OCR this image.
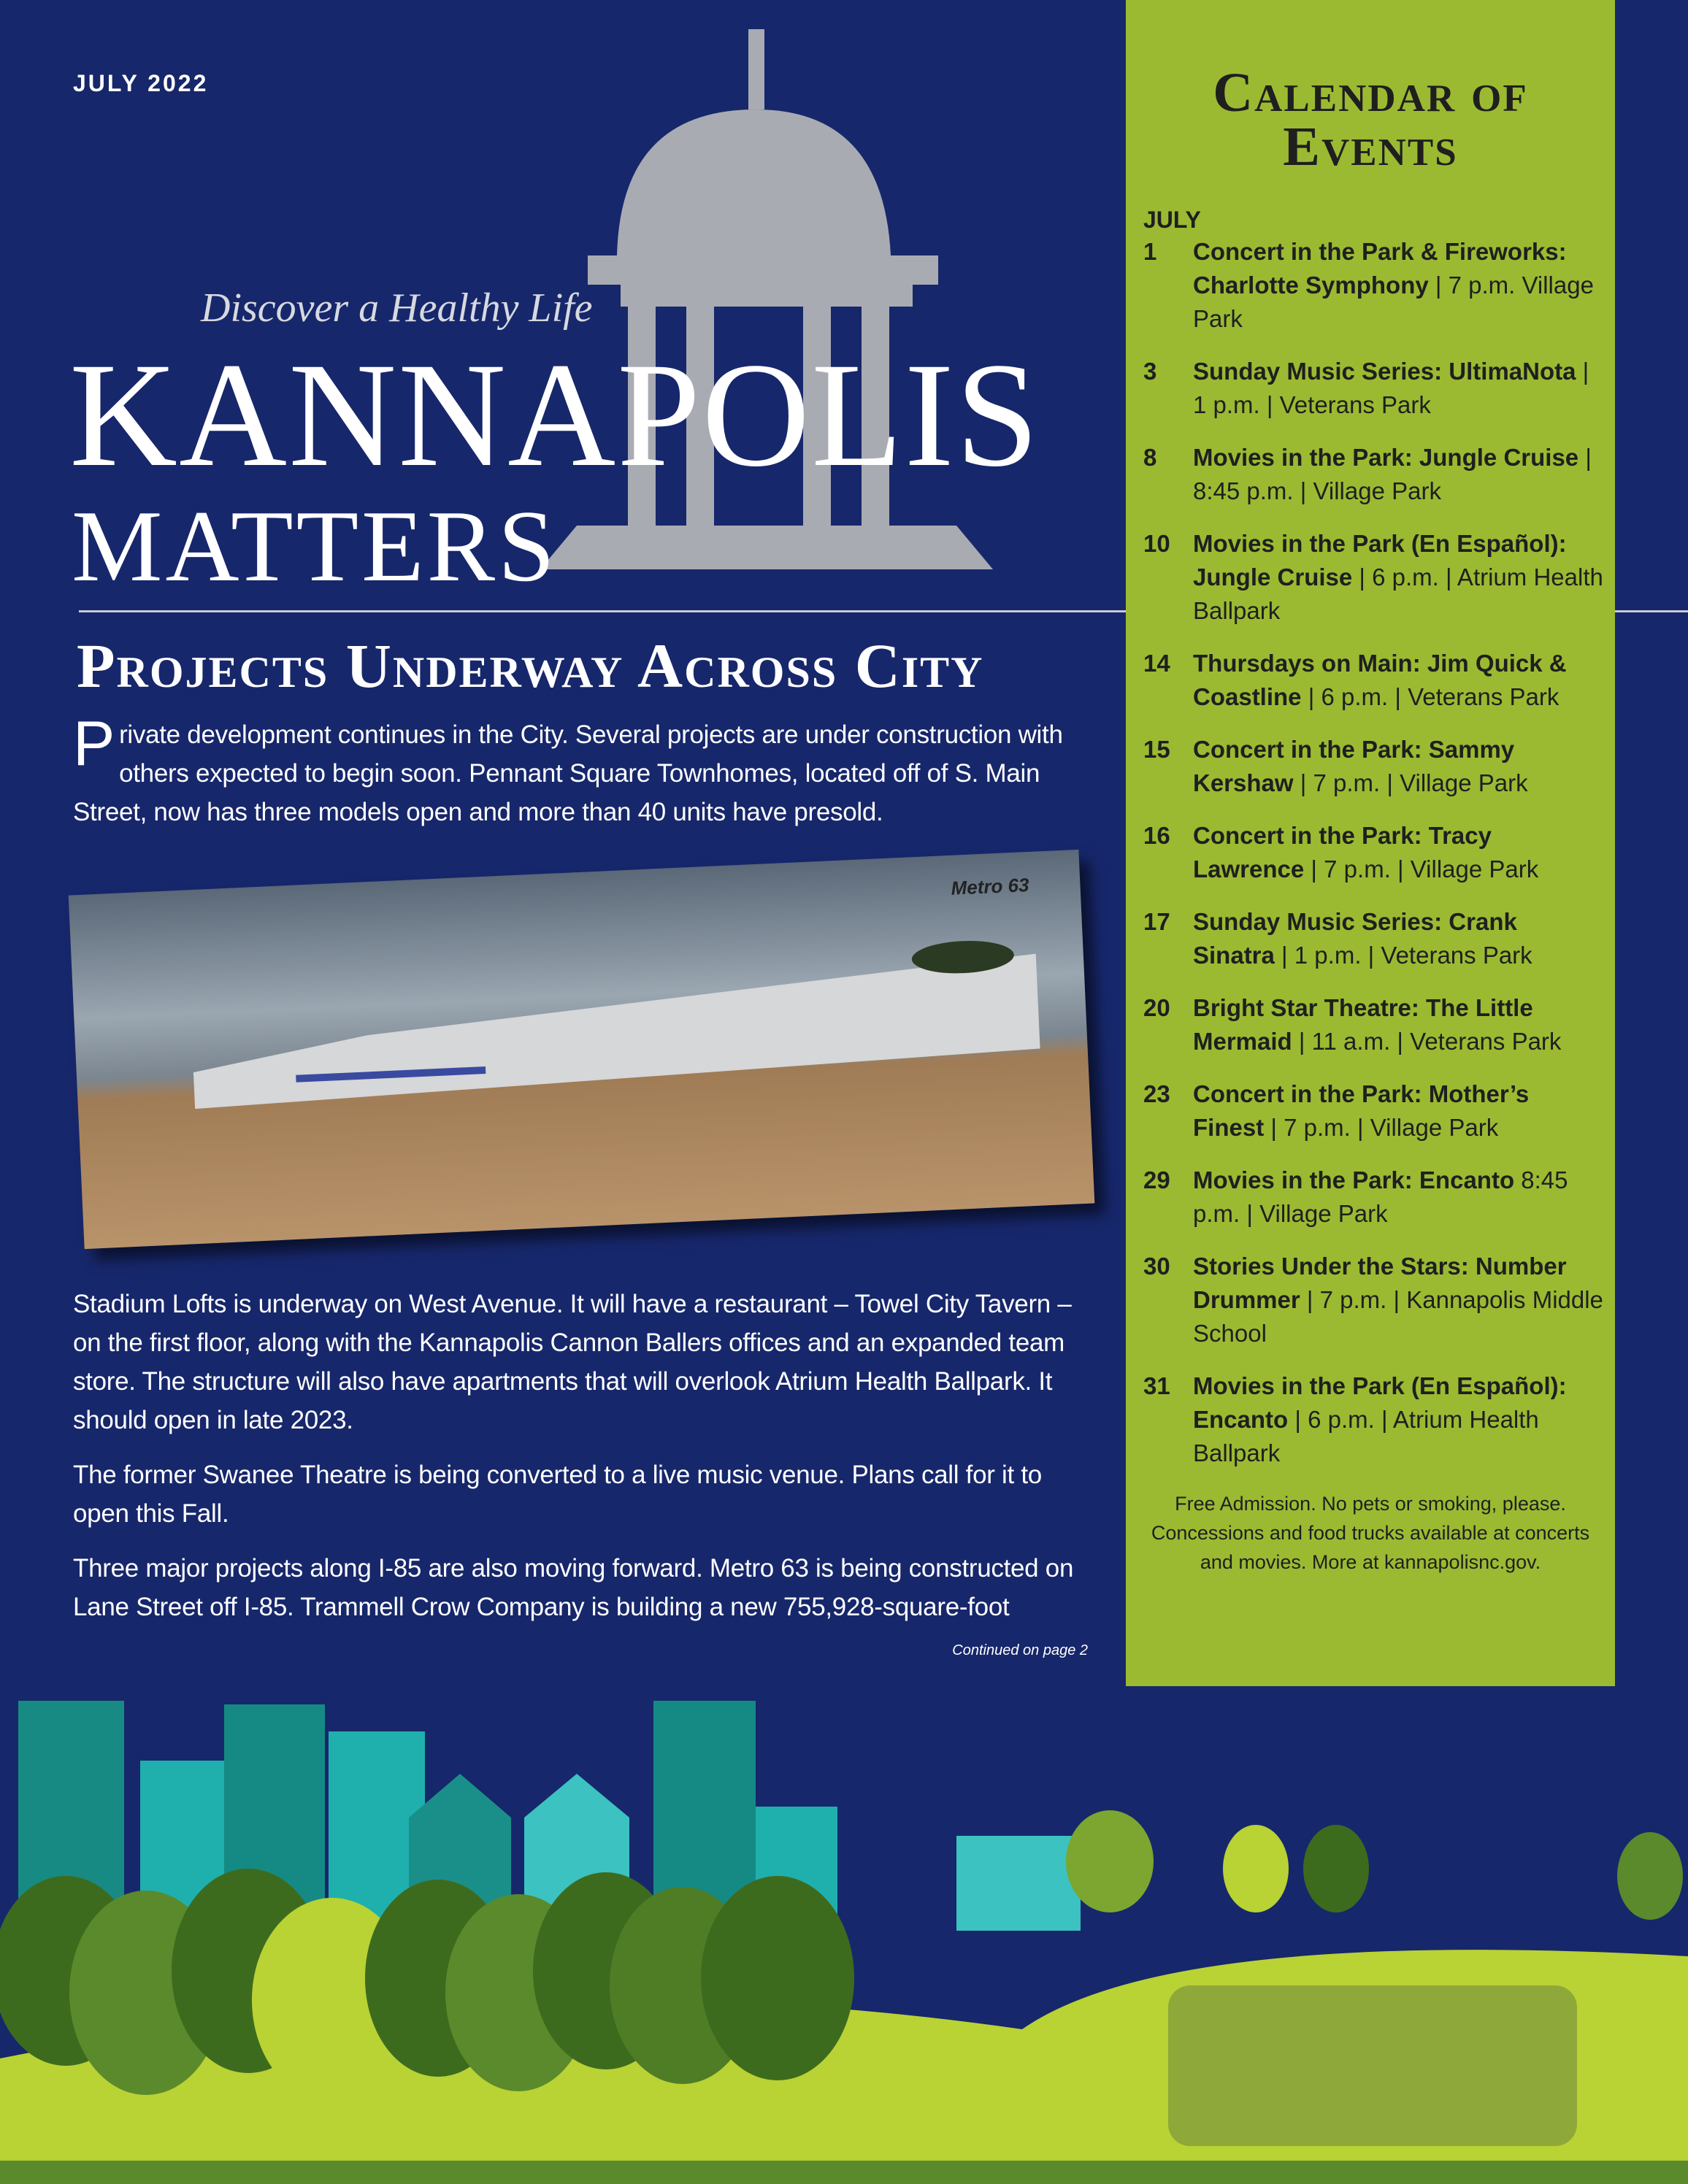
JULY 2022
Discover a Healthy Life
KANNAPOLIS
MATTERS
Projects Underway Across City

Private development continues in the City. Several projects are under construction with others expected to begin soon. Pennant Square Townhomes, located off of S. Main Street, now has three models open and more than 40 units have presold.

Metro 63

Stadium Lofts is underway on West Avenue. It will have a restaurant – Towel City Tavern – on the first floor, along with the Kannapolis Cannon Ballers offices and an expanded team store. The structure will also have apartments that will overlook Atrium Health Ballpark. It should open in late 2023.

The former Swanee Theatre is being converted to a live music venue. Plans call for it to open this Fall.

Three major projects along I-85 are also moving forward. Metro 63 is being constructed on Lane Street off I-85. Trammell Crow Company is building a new 755,928-square-foot

Continued on page 2
Calendar of Events
JULY
1	Concert in the Park & Fireworks: Charlotte Symphony | 7 p.m. Village Park
3	Sunday Music Series: UltimaNota | 1 p.m. | Veterans Park
8	Movies in the Park: Jungle Cruise | 8:45 p.m. | Village Park
10 Movies in the Park (En Español): Jungle Cruise | 6 p.m. | Atrium Health Ballpark
14 Thursdays on Main: Jim Quick & Coastline | 6 p.m. | Veterans Park
15 Concert in the Park: Sammy Kershaw | 7 p.m. | Village Park
16 Concert in the Park: Tracy Lawrence | 7 p.m. | Village Park
17 Sunday Music Series: Crank Sinatra | 1 p.m. | Veterans Park
20 Bright Star Theatre: The Little Mermaid | 11 a.m. | Veterans Park
23 Concert in the Park: Mother’s Finest | 7 p.m. | Village Park
29 Movies in the Park: Encanto 8:45 p.m. | Village Park
30 Stories Under the Stars: Number Drummer | 7 p.m. | Kannapolis Middle School
31 Movies in the Park (En Español): Encanto | 6 p.m. | Atrium Health Ballpark
Free Admission. No pets or smoking, please. Concessions and food trucks available at concerts and movies. More at kannapolisnc.gov.
